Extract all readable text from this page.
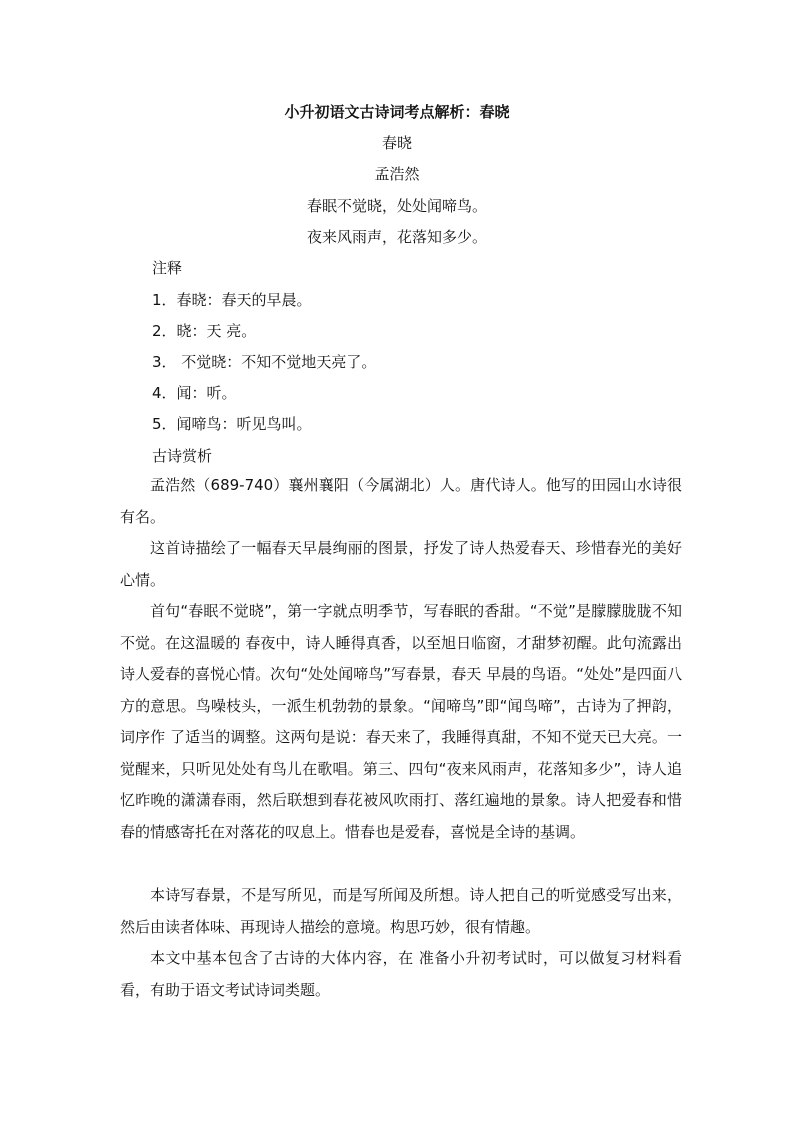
小升初语文古诗词考点解析：春晓
春晓
孟浩然
春眠不觉晓，处处闻啼鸟。
夜来风雨声，花落知多少。
注释
1．春晓：春天的早晨。
2．晓：天 亮。
3． 不觉晓：不知不觉地天亮了。
4．闻：听。
5．闻啼鸟：听见鸟叫。
古诗赏析

孟浩然（689-740）襄州襄阳（今属湖北）人。唐代诗人。他写的田园山水诗很有名。

这首诗描绘了一幅春天早晨绚丽的图景，抒发了诗人热爱春天、珍惜春光的美好心情。

首句“春眠不觉晓”，第一字就点明季节，写春眠的香甜。“不觉”是朦朦胧胧不知不觉。在这温暖的 春夜中，诗人睡得真香，以至旭日临窗，才甜梦初醒。此句流露出诗人爱春的喜悦心情。次句“处处闻啼鸟”写春景，春天 早晨的鸟语。“处处”是四面八方的意思。鸟噪枝头，一派生机勃勃的景象。“闻啼鸟”即“闻鸟啼”，古诗为了押韵，词序作 了适当的调整。这两句是说：春天来了，我睡得真甜，不知不觉天已大亮。一觉醒来，只听见处处有鸟儿在歌唱。第三、四句“夜来风雨声，花落知多少”，诗人追忆昨晚的潇潇春雨，然后联想到春花被风吹雨打、落红遍地的景象。诗人把爱春和惜春的情感寄托在对落花的叹息上。惜春也是爱春，喜悦是全诗的基调。

本诗写春景，不是写所见，而是写所闻及所想。诗人把自己的听觉感受写出来，然后由读者体味、再现诗人描绘的意境。构思巧妙，很有情趣。

本文中基本包含了古诗的大体内容，在 准备小升初考试时，可以做复习材料看 看，有助于语文考试诗词类题。
